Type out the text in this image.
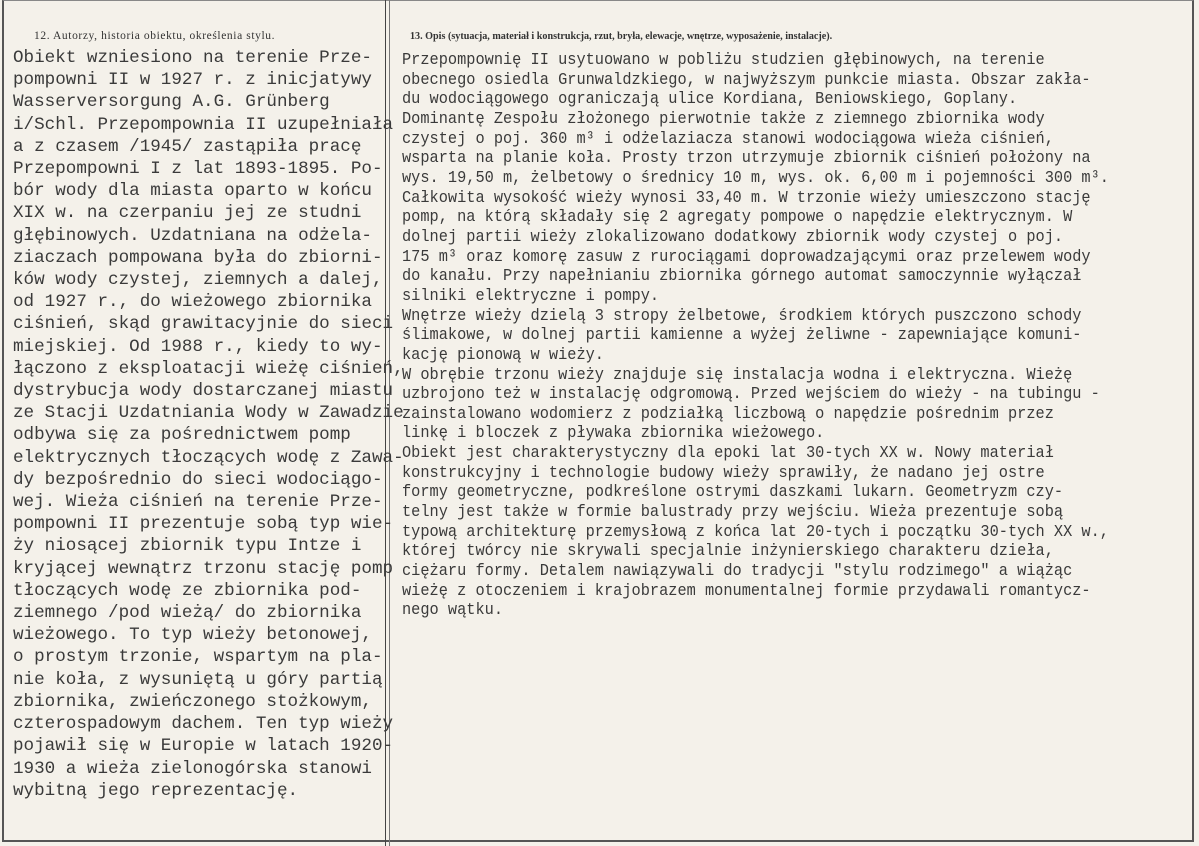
12. Autorzy, historia obiektu, określenia stylu.	13. Opis (sytuacja, materiał i konstrukcja, rzut, bryła, elewacje, wnętrze, wyposażenie, instalacje).
Obiekt wzniesiono na terenie Prze-
pompowni II w 1927 r. z inicjatywy
Wasserversorgung A.G. Grünberg
i/Schl. Przepompownia II uzupełniała
a z czasem /1945/ zastąpiła pracę
Przepompowni I z lat 1893-1895. Po-
bór wody dla miasta oparto w końcu
XIX w. na czerpaniu jej ze studni
głębinowych. Uzdatniana na odżela-
ziaczach pompowana była do zbiorni-
ków wody czystej, ziemnych a dalej,
od 1927 r., do wieżowego zbiornika
ciśnień, skąd grawitacyjnie do sieci
miejskiej. Od 1988 r., kiedy to wy-
łączono z eksploatacji wieżę ciśnień,
dystrybucja wody dostarczanej miastu
ze Stacji Uzdatniania Wody w Zawadzie
odbywa się za pośrednictwem pomp
elektrycznych tłoczących wodę z Zawa-
dy bezpośrednio do sieci wodociągo-
wej. Wieża ciśnień na terenie Prze-
pompowni II prezentuje sobą typ wie-
ży niosącej zbiornik typu Intze i
kryjącej wewnątrz trzonu stację pomp
tłoczących wodę ze zbiornika pod-
ziemnego /pod wieżą/ do zbiornika
wieżowego. To typ wieży betonowej,
o prostym trzonie, wspartym na pla-
nie koła, z wysuniętą u góry partią
zbiornika, zwieńczonego stożkowym,
czterospadowym dachem. Ten typ wieży
pojawił się w Europie w latach 1920-
1930 a wieża zielonogórska stanowi
wybitną jego reprezentację.
Przepompownię II usytuowano w pobliżu studzien głębinowych, na terenie
obecnego osiedla Grunwaldzkiego, w najwyższym punkcie miasta. Obszar zakła-
du wodociągowego ograniczają ulice Kordiana, Beniowskiego, Goplany.
Dominantę Zespołu złożonego pierwotnie także z ziemnego zbiornika wody
czystej o poj. 360 m³ i odżelaziacza stanowi wodociągowa wieża ciśnień,
wsparta na planie koła. Prosty trzon utrzymuje zbiornik ciśnień położony na
wys. 19,50 m, żelbetowy o średnicy 10 m, wys. ok. 6,00 m i pojemności 300 m³.
Całkowita wysokość wieży wynosi 33,40 m. W trzonie wieży umieszczono stację
pomp, na którą składały się 2 agregaty pompowe o napędzie elektrycznym. W
dolnej partii wieży zlokalizowano dodatkowy zbiornik wody czystej o poj.
175 m³ oraz komorę zasuw z rurociągami doprowadzającymi oraz przelewem wody
do kanału. Przy napełnianiu zbiornika górnego automat samoczynnie wyłączał
silniki elektryczne i pompy.
Wnętrze wieży dzielą 3 stropy żelbetowe, środkiem których puszczono schody
ślimakowe, w dolnej partii kamienne a wyżej żeliwne - zapewniające komuni-
kację pionową w wieży.
W obrębie trzonu wieży znajduje się instalacja wodna i elektryczna. Wieżę
uzbrojono też w instalację odgromową. Przed wejściem do wieży - na tubingu -
zainstalowano wodomierz z podziałką liczbową o napędzie pośrednim przez
linkę i bloczek z pływaka zbiornika wieżowego.
Obiekt jest charakterystyczny dla epoki lat 30-tych XX w. Nowy materiał
konstrukcyjny i technologie budowy wieży sprawiły, że nadano jej ostre
formy geometryczne, podkreślone ostrymi daszkami lukarn. Geometryzm czy-
telny jest także w formie balustrady przy wejściu. Wieża prezentuje sobą
typową architekturę przemysłową z końca lat 20-tych i początku 30-tych XX w.,
której twórcy nie skrywali specjalnie inżynierskiego charakteru dzieła,
ciężaru formy. Detalem nawiązywali do tradycji "stylu rodzimego" a wiążąc
wieżę z otoczeniem i krajobrazem monumentalnej formie przydawali romantycz-
nego wątku.
